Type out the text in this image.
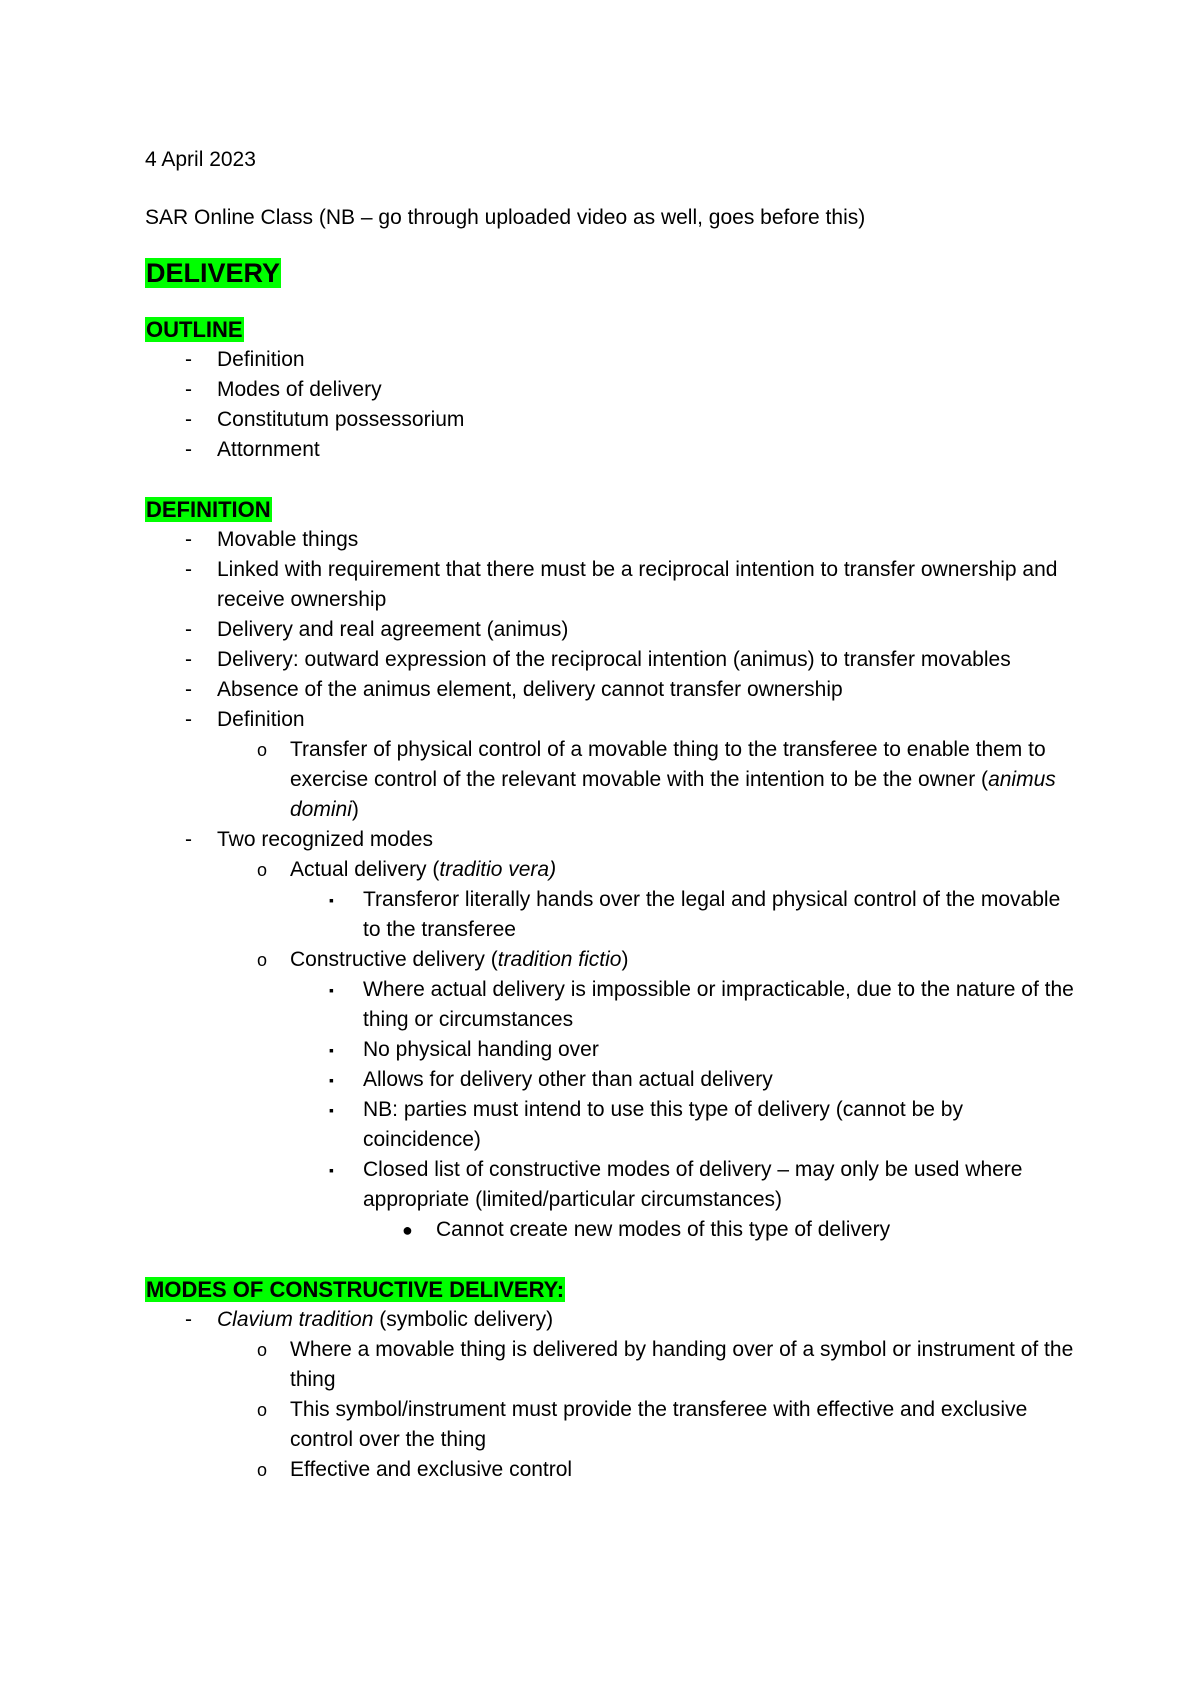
4 April 2023

SAR Online Class (NB – go through uploaded video as well, goes before this)

DELIVERY
OUTLINE
- Definition
- Modes of delivery
- Constitutum possessorium
- Attornment
DEFINITION
- Movable things
- Linked with requirement that there must be a reciprocal intention to transfer ownership and receive ownership
- Delivery and real agreement (animus)
- Delivery: outward expression of the reciprocal intention (animus) to transfer movables
- Absence of the animus element, delivery cannot transfer ownership
- Definition
o Transfer of physical control of a movable thing to the transferee to enable them to exercise control of the relevant movable with the intention to be the owner (animus domini)
- Two recognized modes
o Actual delivery (traditio vera)
▪ Transferor literally hands over the legal and physical control of the movable to the transferee
o Constructive delivery (tradition fictio)
▪ Where actual delivery is impossible or impracticable, due to the nature of the thing or circumstances
▪ No physical handing over
▪ Allows for delivery other than actual delivery
▪ NB: parties must intend to use this type of delivery (cannot be by coincidence)
▪ Closed list of constructive modes of delivery – may only be used where appropriate (limited/particular circumstances)
● Cannot create new modes of this type of delivery
MODES OF CONSTRUCTIVE DELIVERY:
- Clavium tradition (symbolic delivery)
o Where a movable thing is delivered by handing over of a symbol or instrument of the thing
o This symbol/instrument must provide the transferee with effective and exclusive control over the thing
o Effective and exclusive control
